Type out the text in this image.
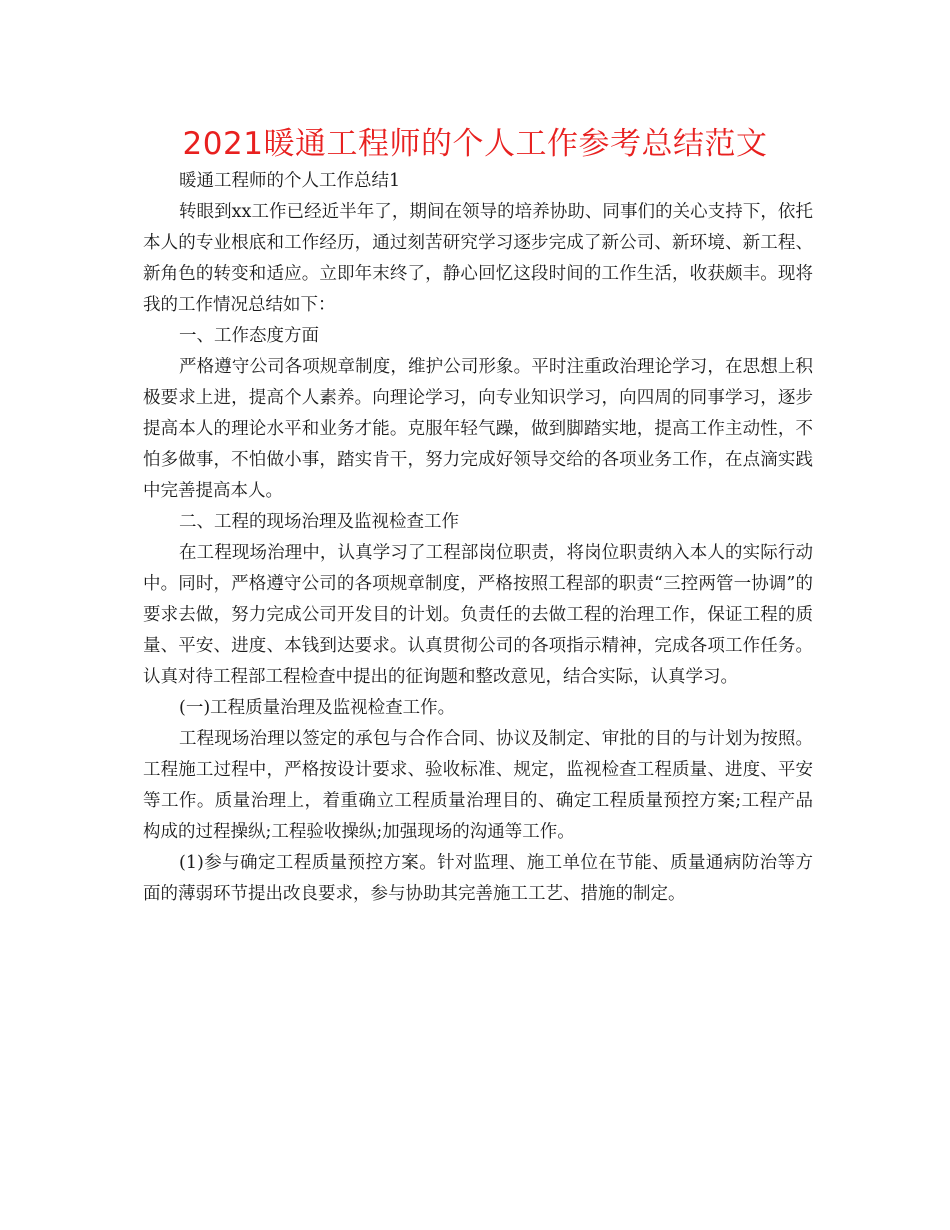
2021暖通工程师的个人工作参考总结范文

暖通工程师的个人工作总结1

转眼到xx工作已经近半年了，期间在领导的培养协助、同事们的关心支持下，依托本人的专业根底和工作经历，通过刻苦研究学习逐步完成了新公司、新环境、新工程、新角色的转变和适应。立即年末终了，静心回忆这段时间的工作生活，收获颇丰。现将我的工作情况总结如下：

一、工作态度方面

严格遵守公司各项规章制度，维护公司形象。平时注重政治理论学习，在思想上积极要求上进，提高个人素养。向理论学习，向专业知识学习，向四周的同事学习，逐步提高本人的理论水平和业务才能。克服年轻气躁，做到脚踏实地，提高工作主动性，不怕多做事，不怕做小事，踏实肯干，努力完成好领导交给的各项业务工作，在点滴实践中完善提高本人。

二、工程的现场治理及监视检查工作

在工程现场治理中，认真学习了工程部岗位职责，将岗位职责纳入本人的实际行动中。同时，严格遵守公司的各项规章制度，严格按照工程部的职责“三控两管一协调”的要求去做，努力完成公司开发目的计划。负责任的去做工程的治理工作，保证工程的质量、平安、进度、本钱到达要求。认真贯彻公司的各项指示精神，完成各项工作任务。认真对待工程部工程检查中提出的征询题和整改意见，结合实际，认真学习。

(一)工程质量治理及监视检查工作。

工程现场治理以签定的承包与合作合同、协议及制定、审批的目的与计划为按照。工程施工过程中，严格按设计要求、验收标准、规定，监视检查工程质量、进度、平安等工作。质量治理上，着重确立工程质量治理目的、确定工程质量预控方案;工程产品构成的过程操纵;工程验收操纵;加强现场的沟通等工作。

(1)参与确定工程质量预控方案。针对监理、施工单位在节能、质量通病防治等方面的薄弱环节提出改良要求，参与协助其完善施工工艺、措施的制定。
